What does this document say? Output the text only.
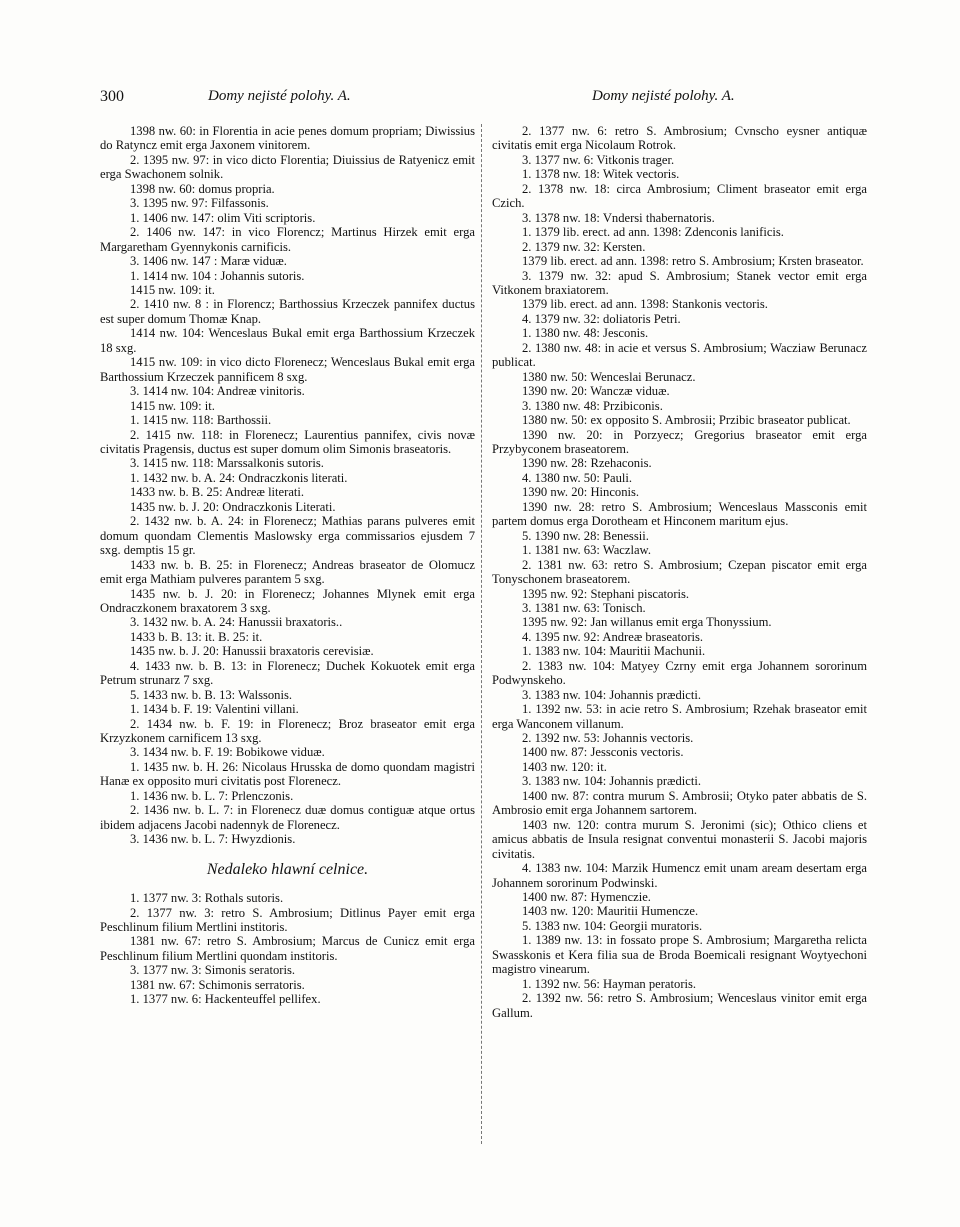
300	Domy nejisté polohy. A.	Domy nejisté polohy. A.

1398 nw. 60: in Florentia in acie penes domum propriam; Diwissius do Ratyncz emit erga Jaxonem vinitorem.

2. 1395 nw. 97: in vico dicto Florentia; Diuissius de Ratyenicz emit erga Swachonem solnik.

1398 nw. 60: domus propria.

3. 1395 nw. 97: Filfassonis.

1. 1406 nw. 147: olim Viti scriptoris.

2. 1406 nw. 147: in vico Florencz; Martinus Hirzek emit erga Margaretham Gyennykonis carnificis.

3. 1406 nw. 147 : Maræ viduæ.

1. 1414 nw. 104 : Johannis sutoris.

1415 nw. 109: it.

2. 1410 nw. 8 : in Florencz; Barthossius Krzeczek pannifex ductus est super domum Thomæ Knap.

1414 nw. 104: Wenceslaus Bukal emit erga Barthossium Krzeczek 18 sxg.

1415 nw. 109: in vico dicto Florenecz; Wenceslaus Bukal emit erga Barthossium Krzeczek pannificem 8 sxg.

3. 1414 nw. 104: Andreæ vinitoris.

1415 nw. 109: it.

1. 1415 nw. 118: Barthossii.

2. 1415 nw. 118: in Florenecz; Laurentius pannifex, civis novæ civitatis Pragensis, ductus est super domum olim Simonis braseatoris.

3. 1415 nw. 118: Marssalkonis sutoris.

1. 1432 nw. b. A. 24: Ondraczkonis literati.

1433 nw. b. B. 25: Andreæ literati.

1435 nw. b. J. 20: Ondraczkonis Literati.

2. 1432 nw. b. A. 24: in Florenecz; Mathias parans pulveres emit domum quondam Clementis Maslowsky erga commissarios ejusdem 7 sxg. demptis 15 gr.

1433 nw. b. B. 25: in Florenecz; Andreas braseator de Olomucz emit erga Mathiam pulveres parantem 5 sxg.

1435 nw. b. J. 20: in Florenecz; Johannes Mlynek emit erga Ondraczkonem braxatorem 3 sxg.

3. 1432 nw. b. A. 24: Hanussii braxatoris..

1433 b. B. 13: it. B. 25: it.

1435 nw. b. J. 20: Hanussii braxatoris cerevisiæ.

4. 1433 nw. b. B. 13: in Florenecz; Duchek Kokuotek emit erga Petrum strunarz 7 sxg.

5. 1433 nw. b. B. 13: Walssonis.

1. 1434 b. F. 19: Valentini villani.

2. 1434 nw. b. F. 19: in Florenecz; Broz braseator emit erga Krzyzkonem carnificem 13 sxg.

3. 1434 nw. b. F. 19: Bobikowe viduæ.

1. 1435 nw. b. H. 26: Nicolaus Hrusska de domo quondam magistri Hanæ ex opposito muri civitatis post Florenecz.

1. 1436 nw. b. L. 7: Prlenczonis.

2. 1436 nw. b. L. 7: in Florenecz duæ domus contiguæ atque ortus ibidem adjacens Jacobi nadennyk de Florenecz.

3. 1436 nw. b. L. 7: Hwyzdionis.

Nedaleko hlawní celnice.

1. 1377 nw. 3: Rothals sutoris.

2. 1377 nw. 3: retro S. Ambrosium; Ditlinus Payer emit erga Peschlinum filium Mertlini institoris.

1381 nw. 67: retro S. Ambrosium; Marcus de Cunicz emit erga Peschlinum filium Mertlini quondam institoris.

3. 1377 nw. 3: Simonis seratoris.

1381 nw. 67: Schimonis serratoris.

1. 1377 nw. 6: Hackenteuffel pellifex.

2. 1377 nw. 6: retro S. Ambrosium; Cvnscho eysner antiquæ civitatis emit erga Nicolaum Rotrok.

3. 1377 nw. 6: Vitkonis trager.

1. 1378 nw. 18: Witek vectoris.

2. 1378 nw. 18: circa Ambrosium; Climent braseator emit erga Czich.

3. 1378 nw. 18: Vndersi thabernatoris.

1. 1379 lib. erect. ad ann. 1398: Zdenconis lanificis.

2. 1379 nw. 32: Kersten.

1379 lib. erect. ad ann. 1398: retro S. Ambrosium; Krsten braseator.

3. 1379 nw. 32: apud S. Ambrosium; Stanek vector emit erga Vitkonem braxiatorem.

1379 lib. erect. ad ann. 1398: Stankonis vectoris.

4. 1379 nw. 32: doliatoris Petri.

1. 1380 nw. 48: Jesconis.

2. 1380 nw. 48: in acie et versus S. Ambrosium; Wacziaw Berunacz publicat.

1380 nw. 50: Wenceslai Berunacz.

1390 nw. 20: Wanczæ viduæ.

3. 1380 nw. 48: Przibiconis.

1380 nw. 50: ex opposito S. Ambrosii; Przibic braseator publicat.

1390 nw. 20: in Porzyecz; Gregorius braseator emit erga Przybyconem braseatorem.

1390 nw. 28: Rzehaconis.

4. 1380 nw. 50: Pauli.

1390 nw. 20: Hinconis.

1390 nw. 28: retro S. Ambrosium; Wenceslaus Massconis emit partem domus erga Dorotheam et Hinconem maritum ejus.

5. 1390 nw. 28: Benessii.

1. 1381 nw. 63: Waczlaw.

2. 1381 nw. 63: retro S. Ambrosium; Czepan piscator emit erga Tonyschonem braseatorem.

1395 nw. 92: Stephani piscatoris.

3. 1381 nw. 63: Tonisch.

1395 nw. 92: Jan willanus emit erga Thonyssium.

4. 1395 nw. 92: Andreæ braseatoris.

1. 1383 nw. 104: Mauritii Machunii.

2. 1383 nw. 104: Matyey Czrny emit erga Johannem sororinum Podwynskeho.

3. 1383 nw. 104: Johannis prædicti.

1. 1392 nw. 53: in acie retro S. Ambrosium; Rzehak braseator emit erga Wanconem villanum.

2. 1392 nw. 53: Johannis vectoris.

1400 nw. 87: Jessconis vectoris.

1403 nw. 120: it.

3. 1383 nw. 104: Johannis prædicti.

1400 nw. 87: contra murum S. Ambrosii; Otyko pater abbatis de S. Ambrosio emit erga Johannem sartorem.

1403 nw. 120: contra murum S. Jeronimi (sic); Othico cliens et amicus abbatis de Insula resignat conventui monasterii S. Jacobi majoris civitatis.

4. 1383 nw. 104: Marzik Humencz emit unam aream desertam erga Johannem sororinum Podwinski.

1400 nw. 87: Hymenczie.

1403 nw. 120: Mauritii Humencze.

5. 1383 nw. 104: Georgii muratoris.

1. 1389 nw. 13: in fossato prope S. Ambrosium; Margaretha relicta Swasskonis et Kera filia sua de Broda Boemicali resignant Woytyechoni magistro vinearum.

1. 1392 nw. 56: Hayman peratoris.

2. 1392 nw. 56: retro S. Ambrosium; Wenceslaus vinitor emit erga Gallum.
